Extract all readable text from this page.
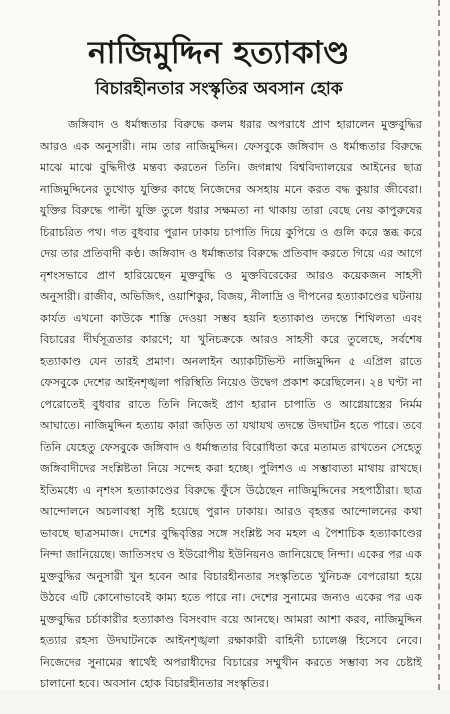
নাজিমুদ্দিন হত্যাকাণ্ড
বিচারহীনতার সংস্কৃতির অবসান হোক

জঙ্গিবাদ ও ধর্মান্ধতার বিরুদ্ধে কলম ধরার অপরাধে প্রাণ হারালেন মুক্তবুদ্ধির আরও এক অনুসারী। নাম তার নাজিমুদ্দিন। ফেসবুকে জঙ্গিবাদ ও ধর্মান্ধতার বিরুদ্ধে মাঝে মাঝে বুদ্ধিদীপ্ত মন্তব্য করতেন তিনি। জগন্নাথ বিশ্ববিদ্যালয়ের আইনের ছাত্র নাজিমুদ্দিনের তুখোড় যুক্তির কাছে নিজেদের অসহায় মনে করত বদ্ধ কুয়ার জীবেরা। যুক্তির বিরুদ্ধে পাল্টা যুক্তি তুলে ধরার সক্ষমতা না থাকায় তারা বেছে নেয় কাপুরুষের চিরাচরিত পথ। গত বুধবার পুরান ঢাকায় চাপাতি দিয়ে কুপিয়ে ও গুলি করে স্তব্ধ করে দেয় তার প্রতিবাদী কণ্ঠ। জঙ্গিবাদ ও ধর্মান্ধতার বিরুদ্ধে প্রতিবাদ করতে গিয়ে এর আগে নৃশংসভাবে প্রাণ হারিয়েছেন মুক্তবুদ্ধি ও মুক্তবিবেকের আরও কয়েকজন সাহসী অনুসারী। রাজীব, অভিজিৎ, ওয়াশিকুর, বিজয়, নীলাদ্রি ও দীপনের হত্যাকাণ্ডের ঘটনায় কার্যত এখনো কাউকে শাস্তি দেওয়া সম্ভব হয়নি হত্যাকাণ্ড তদন্তে শিথিলতা এবং বিচারের দীর্ঘসূত্রতার কারণে; যা খুনিচক্রকে আরও সাহসী করে তুলেছে, সর্বশেষ হত্যাকাণ্ড যেন তারই প্রমাণ। অনলাইন অ্যাকটিভিস্ট নাজিমুদ্দিন ৫ এপ্রিল রাতে ফেসবুকে দেশের আইনশৃঙ্খলা পরিস্থিতি নিয়েও উদ্বেগ প্রকাশ করেছিলেন। ২৪ ঘণ্টা না পেরোতেই বুধবার রাতে তিনি নিজেই প্রাণ হারান চাপাতি ও আগ্নেয়াস্ত্রের নির্মম আঘাতে। নাজিমুদ্দিন হত্যায় কারা জড়িত তা যথাযথ তদন্তে উদঘাটন হতে পারে। তবে তিনি যেহেতু ফেসবুকে জঙ্গিবাদ ও ধর্মান্ধতার বিরোধিতা করে মতামত রাখতেন সেহেতু জঙ্গিবাদীদের সংশ্লিষ্টতা নিয়ে সন্দেহ করা হচ্ছে। পুলিশও এ সম্ভাব্যতা মাথায় রাখছে। ইতিমধ্যে এ নৃশংস হত্যাকাণ্ডের বিরুদ্ধে ফুঁসে উঠেছেন নাজিমুদ্দিনের সহপাঠীরা। ছাত্র আন্দোলনে অচলাবস্থা সৃষ্টি হয়েছে পুরান ঢাকায়। আরও বৃহত্তর আন্দোলনের কথা ভাবছে ছাত্রসমাজ। দেশের বুদ্ধিবৃত্তির সঙ্গে সংশ্লিষ্ট সব মহল এ পৈশাচিক হত্যাকাণ্ডের নিন্দা জানিয়েছে। জাতিসংঘ ও ইউরোপীয় ইউনিয়নও জানিয়েছে নিন্দা। একের পর এক মুক্তবুদ্ধির অনুসারী খুন হবেন আর বিচারহীনতার সংস্কৃতিতে খুনিচক্র বেপরোয়া হয়ে উঠবে এটি কোনোভাবেই কাম্য হতে পারে না। দেশের সুনামের জন্যও একের পর এক মুক্তবুদ্ধির চর্চাকারীর হত্যাকাণ্ড বিসংবাদ বয়ে আনছে। আমরা আশা করব, নাজিমুদ্দিন হত্যার রহস্য উদঘাটনকে আইনশৃঙ্খলা রক্ষাকারী বাহিনী চ্যালেঞ্জ হিসেবে নেবে। নিজেদের সুনামের স্বার্থেই অপরাধীদের বিচারের সম্মুখীন করতে সম্ভাব্য সব চেষ্টাই চালানো হবে। অবসান হোক বিচারহীনতার সংস্কৃতির।
